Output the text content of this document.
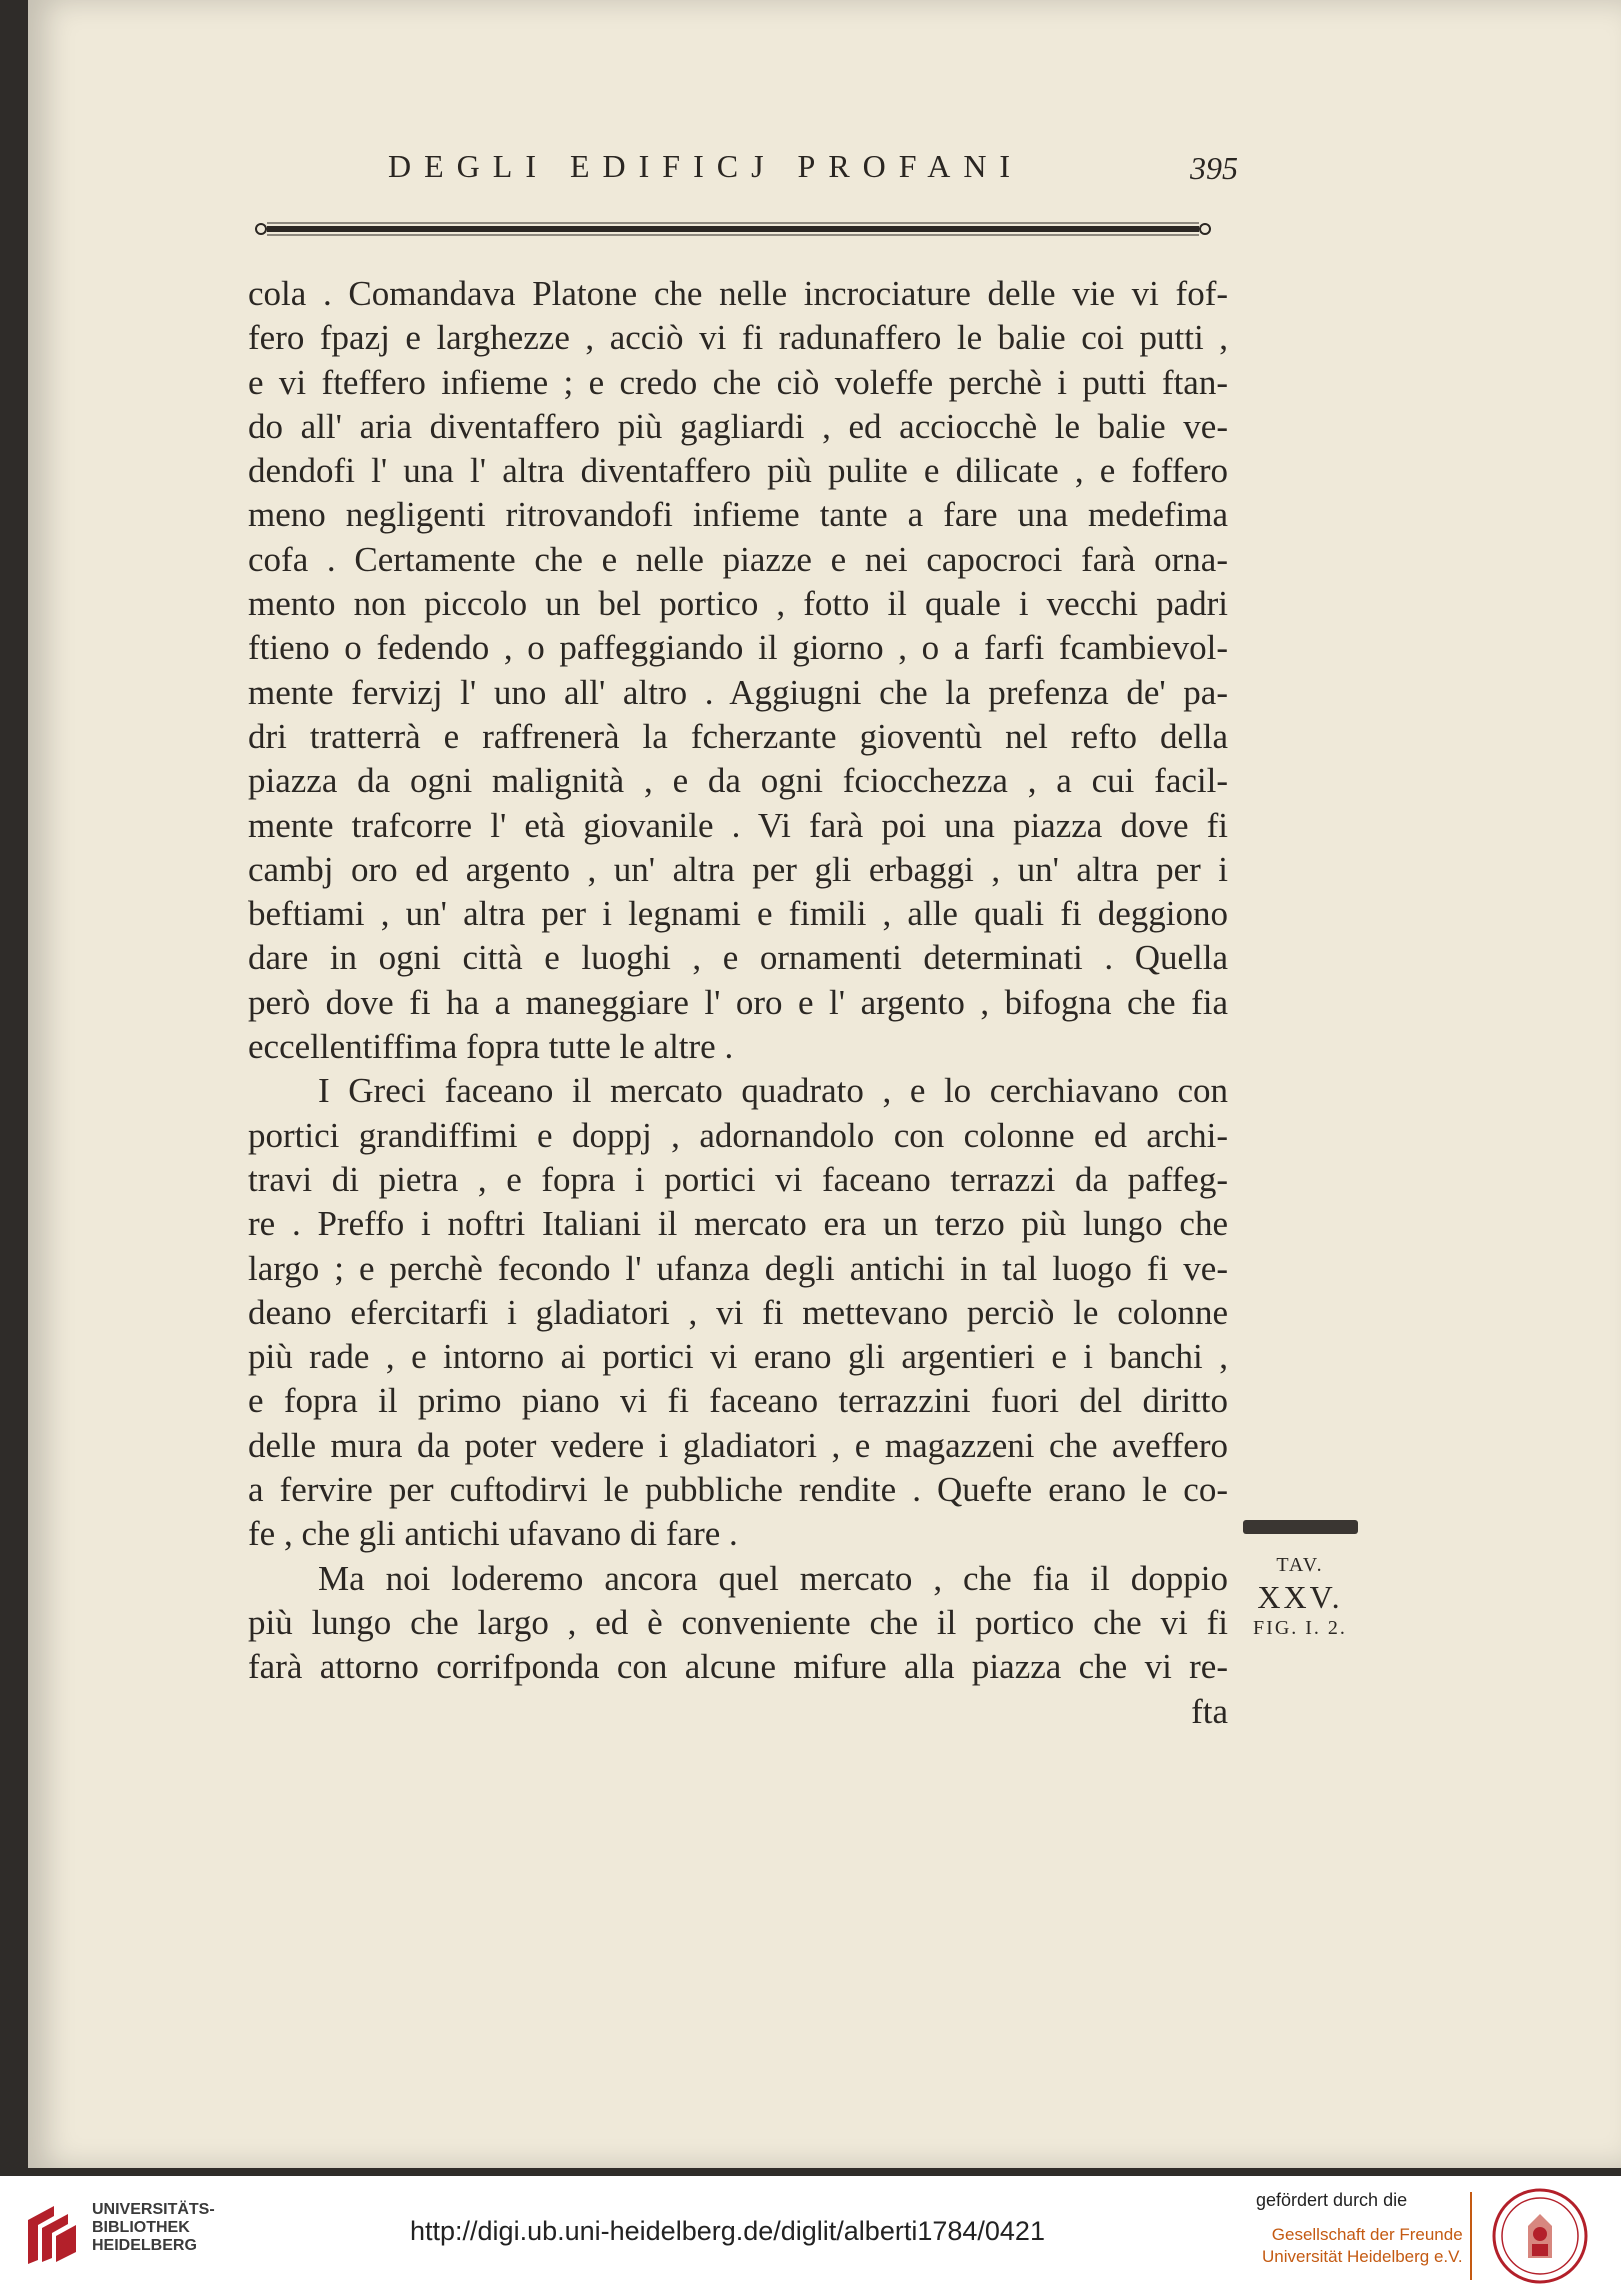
DEGLI EDIFICJ PROFANI	395
cola . Comandava Platone che nelle incrociature delle vie vi fof-
fero fpazj e larghezze , acciò vi fi radunaffero le balie coi putti ,
e vi fteffero infieme ; e credo che ciò voleffe perchè i putti ftan-
do all' aria diventaffero più gagliardi , ed acciocchè le balie ve-
dendofi l' una l' altra diventaffero più pulite e dilicate , e foffero
meno negligenti ritrovandofi infieme tante a fare una medefima
cofa . Certamente che e nelle piazze e nei capocroci farà orna-
mento non piccolo un bel portico , fotto il quale i vecchi padri
ftieno o fedendo , o paffeggiando il giorno , o a farfi fcambievol-
mente fervizj l' uno all' altro . Aggiugni che la prefenza de' pa-
dri tratterrà e raffrenerà la fcherzante gioventù nel refto della
piazza da ogni malignità , e da ogni fciocchezza , a cui facil-
mente trafcorre l' età giovanile . Vi farà poi una piazza dove fi
cambj oro ed argento , un' altra per gli erbaggi , un' altra per i
beftiami , un' altra per i legnami e fimili , alle quali fi deggiono
dare in ogni città e luoghi , e ornamenti determinati . Quella
però dove fi ha a maneggiare l' oro e l' argento , bifogna che fia
eccellentiffima fopra tutte le altre .
I Greci faceano il mercato quadrato , e lo cerchiavano con
portici grandiffimi e doppj , adornandolo con colonne ed archi-
travi di pietra , e fopra i portici vi faceano terrazzi da paffeg-
re . Preffo i noftri Italiani il mercato era un terzo più lungo che
largo ; e perchè fecondo l' ufanza degli antichi in tal luogo fi ve-
deano efercitarfi i gladiatori , vi fi mettevano perciò le colonne
più rade , e intorno ai portici vi erano gli argentieri e i banchi ,
e fopra il primo piano vi fi faceano terrazzini fuori del diritto
delle mura da poter vedere i gladiatori , e magazzeni che aveffero
a fervire per cuftodirvi le pubbliche rendite . Quefte erano le co-
fe , che gli antichi ufavano di fare .
Ma noi loderemo ancora quel mercato , che fia il doppio
più lungo che largo , ed è conveniente che il portico che vi fi
farà attorno corrifponda con alcune mifure alla piazza che vi re-
fta
TAV.
XXV.
FIG. I. 2.
UNIVERSITÄTS-
BIBLIOTHEK
HEIDELBERG	http://digi.ub.uni-heidelberg.de/diglit/alberti1784/0421
gefördert durch die
Gesellschaft der Freunde
Universität Heidelberg e.V.
